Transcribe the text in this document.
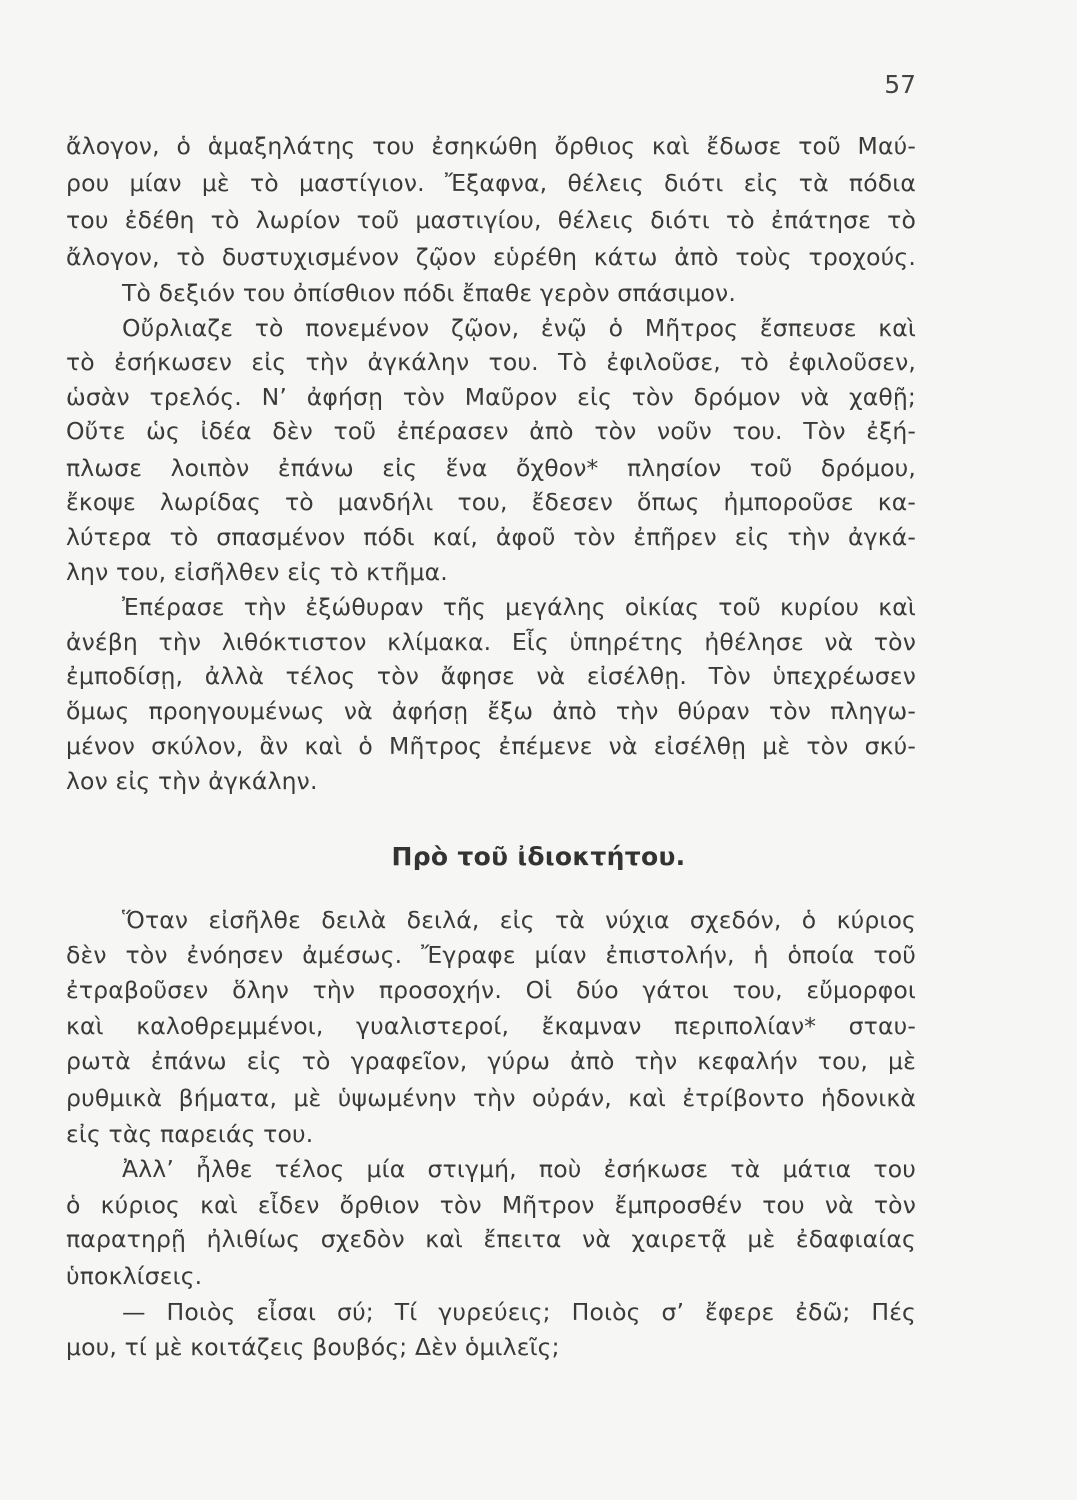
57
ἄλογον, ὁ ἁμαξηλάτης του ἐσηκώθη ὄρθιος καὶ ἔδωσε τοῦ Μαύ-
ρου μίαν μὲ τὸ μαστίγιον. Ἔξαφνα, θέλεις διότι εἰς τὰ πόδια
του ἐδέθη τὸ λωρίον τοῦ μαστιγίου, θέλεις διότι τὸ ἐπάτησε τὸ
ἄλογον, τὸ δυστυχισμένον ζῷον εὑρέθη κάτω ἀπὸ τοὺς τροχούς.
Τὸ δεξιόν του ὀπίσθιον πόδι ἔπαθε γερὸν σπάσιμον.
Οὔρλιαζε τὸ πονεμένον ζῷον, ἐνῷ ὁ Μῆτρος ἔσπευσε καὶ
τὸ ἐσήκωσεν εἰς τὴν ἀγκάλην του. Τὸ ἐφιλοῦσε, τὸ ἐφιλοῦσεν,
ὡσὰν τρελός. Ν’ ἀφήσῃ τὸν Μαῦρον εἰς τὸν δρόμον νὰ χαθῇ;
Οὔτε ὡς ἰδέα δὲν τοῦ ἐπέρασεν ἀπὸ τὸν νοῦν του. Τὸν ἐξή-
πλωσε λοιπὸν ἐπάνω εἰς ἕνα ὄχθον* πλησίον τοῦ δρόμου,
ἔκοψε λωρίδας τὸ μανδήλι του, ἔδεσεν ὅπως ἠμποροῦσε κα-
λύτερα τὸ σπασμένον πόδι καί, ἀφοῦ τὸν ἐπῆρεν εἰς τὴν ἀγκά-
λην του, εἰσῆλθεν εἰς τὸ κτῆμα.
Ἐπέρασε τὴν ἐξώθυραν τῆς μεγάλης οἰκίας τοῦ κυρίου καὶ
ἀνέβη τὴν λιθόκτιστον κλίμακα. Εἷς ὑπηρέτης ἠθέλησε νὰ τὸν
ἐμποδίσῃ, ἀλλὰ τέλος τὸν ἄφησε νὰ εἰσέλθῃ. Τὸν ὑπεχρέωσεν
ὅμως προηγουμένως νὰ ἀφήσῃ ἔξω ἀπὸ τὴν θύραν τὸν πληγω-
μένον σκύλον, ἂν καὶ ὁ Μῆτρος ἐπέμενε νὰ εἰσέλθῃ μὲ τὸν σκύ-
λον εἰς τὴν ἀγκάλην.
Πρὸ τοῦ ἰδιοκτήτου.
Ὅταν εἰσῆλθε δειλὰ δειλά, εἰς τὰ νύχια σχεδόν, ὁ κύριος
δὲν τὸν ἐνόησεν ἀμέσως. Ἔγραφε μίαν ἐπιστολήν, ἡ ὁποία τοῦ
ἐτραβοῦσεν ὅλην τὴν προσοχήν. Οἱ δύο γάτοι του, εὔμορφοι
καὶ καλοθρεμμένοι, γυαλιστεροί, ἔκαμναν περιπολίαν* σταυ-
ρωτὰ ἐπάνω εἰς τὸ γραφεῖον, γύρω ἀπὸ τὴν κεφαλήν του, μὲ
ρυθμικὰ βήματα, μὲ ὑψωμένην τὴν οὐράν, καὶ ἐτρίβοντο ἡδονικὰ
εἰς τὰς παρειάς του.
Ἀλλ’ ἦλθε τέλος μία στιγμή, ποὺ ἐσήκωσε τὰ μάτια του
ὁ κύριος καὶ εἶδεν ὄρθιον τὸν Μῆτρον ἔμπροσθέν του νὰ τὸν
παρατηρῇ ἠλιθίως σχεδὸν καὶ ἔπειτα νὰ χαιρετᾷ μὲ ἐδαφιαίας
ὑποκλίσεις.
— Ποιὸς εἶσαι σύ; Τί γυρεύεις; Ποιὸς σ’ ἔφερε ἐδῶ; Πές
μου, τί μὲ κοιτάζεις βουβός; Δὲν ὁμιλεῖς;
